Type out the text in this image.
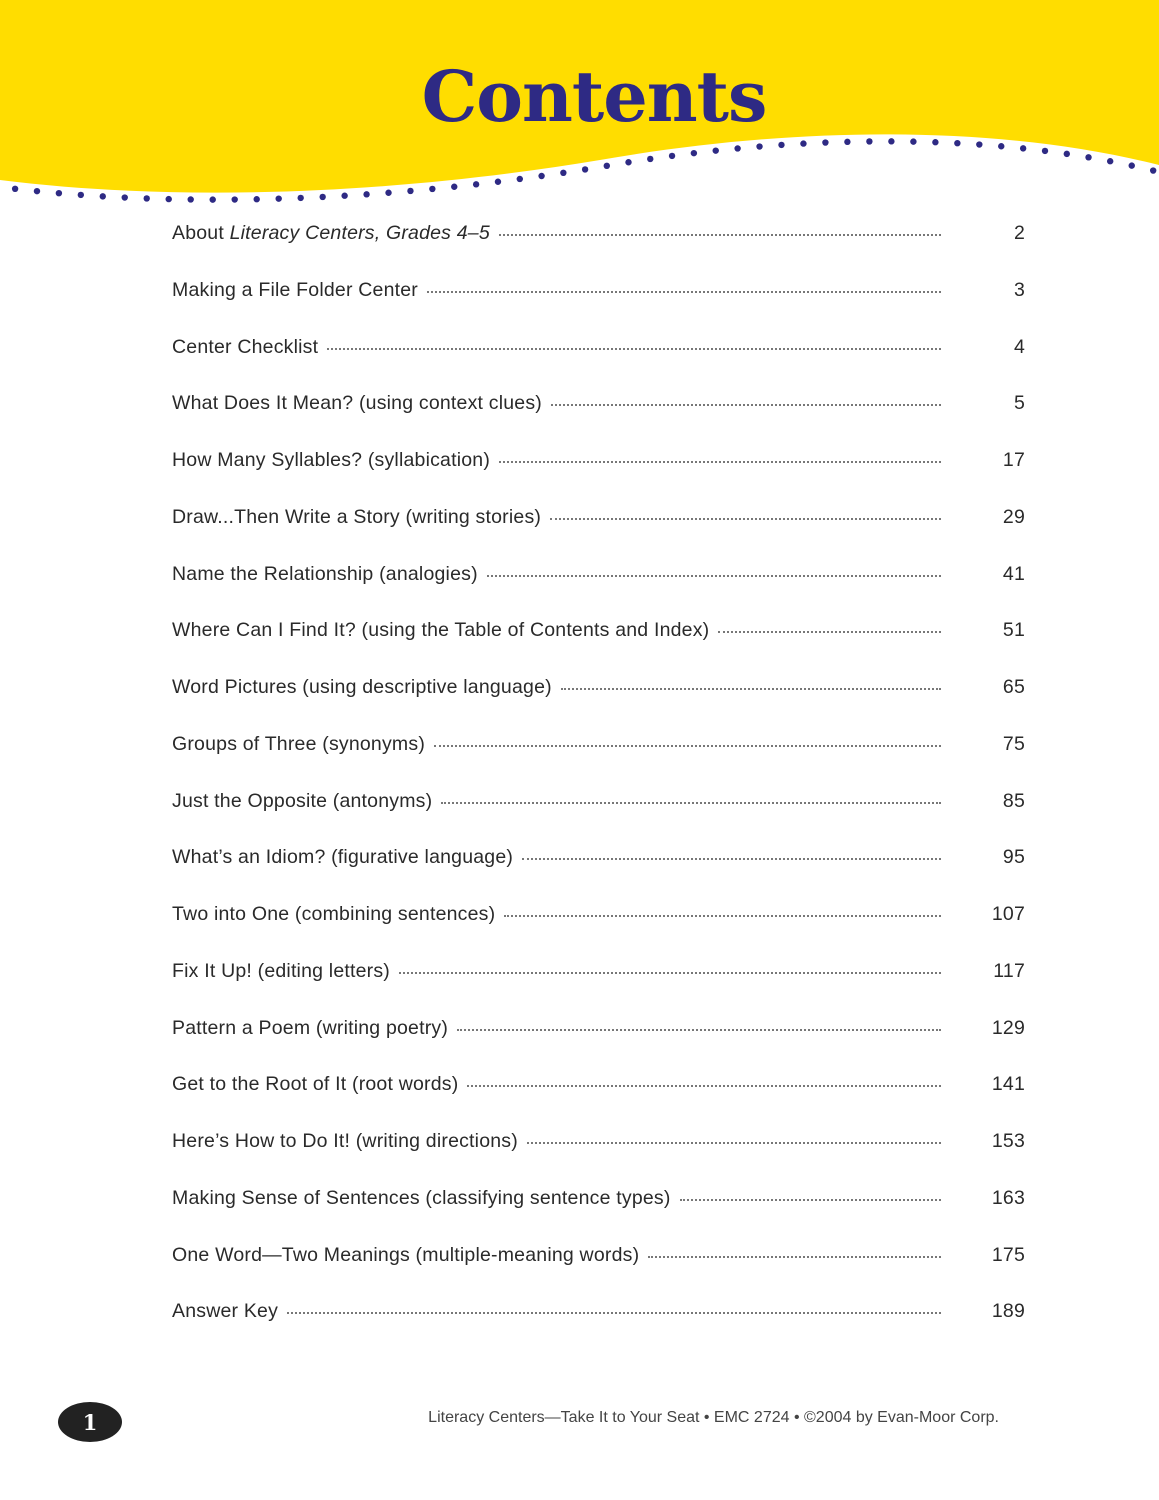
Contents
About Literacy Centers, Grades 4–5	2
Making a File Folder Center	3
Center Checklist	4
What Does It Mean? (using context clues)	5
How Many Syllables? (syllabication)	17
Draw...Then Write a Story (writing stories)	29
Name the Relationship (analogies)	41
Where Can I Find It? (using the Table of Contents and Index)	51
Word Pictures (using descriptive language)	65
Groups of Three (synonyms)	75
Just the Opposite (antonyms)	85
What’s an Idiom? (figurative language)	95
Two into One (combining sentences)	107
Fix It Up! (editing letters)	117
Pattern a Poem (writing poetry)	129
Get to the Root of It (root words)	141
Here’s How to Do It! (writing directions)	153
Making Sense of Sentences (classifying sentence types)	163
One Word—Two Meanings (multiple-meaning words)	175
Answer Key	189
1	Literacy Centers—Take It to Your Seat • EMC 2724 • ©2004 by Evan-Moor Corp.
